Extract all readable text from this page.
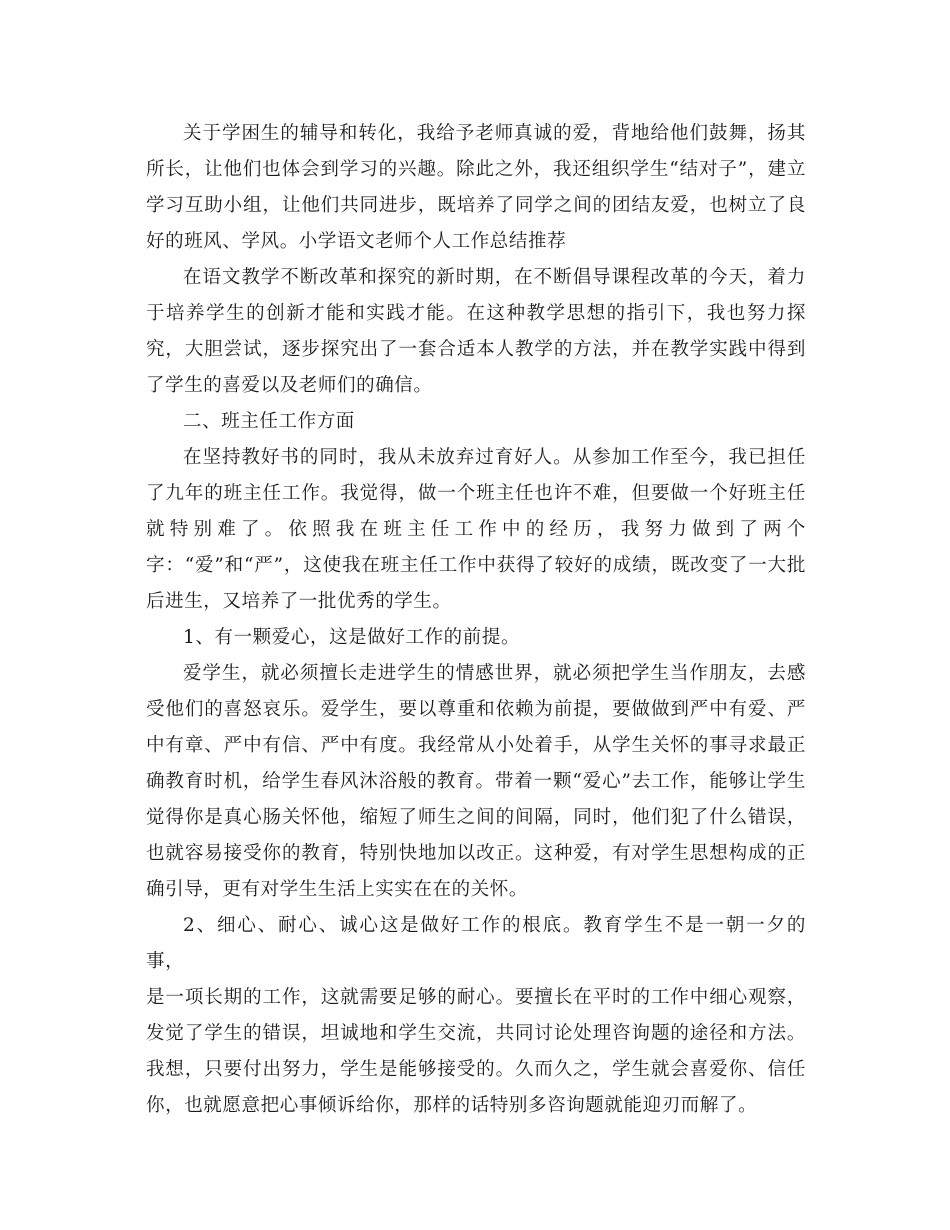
关于学困生的辅导和转化，我给予老师真诚的爱，背地给他们鼓舞，扬其所长，让他们也体会到学习的兴趣。除此之外，我还组织学生“结对子”，建立学习互助小组，让他们共同进步，既培养了同学之间的团结友爱，也树立了良好的班风、学风。小学语文老师个人工作总结推荐

在语文教学不断改革和探究的新时期，在不断倡导课程改革的今天，着力于培养学生的创新才能和实践才能。在这种教学思想的指引下，我也努力探究，大胆尝试，逐步探究出了一套合适本人教学的方法，并在教学实践中得到了学生的喜爱以及老师们的确信。

二、班主任工作方面

在坚持教好书的同时，我从未放弃过育好人。从参加工作至今，我已担任了九年的班主任工作。我觉得，做一个班主任也许不难，但要做一个好班主任就特别难了。依照我在班主任工作中的经历，我努力做到了两个字：“爱”和“严”，这使我在班主任工作中获得了较好的成绩，既改变了一大批后进生，又培养了一批优秀的学生。

1、有一颗爱心，这是做好工作的前提。

爱学生，就必须擅长走进学生的情感世界，就必须把学生当作朋友，去感受他们的喜怒哀乐。爱学生，要以尊重和依赖为前提，要做做到严中有爱、严中有章、严中有信、严中有度。我经常从小处着手，从学生关怀的事寻求最正确教育时机，给学生春风沐浴般的教育。带着一颗“爱心”去工作，能够让学生觉得你是真心肠关怀他，缩短了师生之间的间隔，同时，他们犯了什么错误，也就容易接受你的教育，特别快地加以改正。这种爱，有对学生思想构成的正确引导，更有对学生生活上实实在在的关怀。

2、细心、耐心、诚心这是做好工作的根底。教育学生不是一朝一夕的事，

是一项长期的工作，这就需要足够的耐心。要擅长在平时的工作中细心观察，发觉了学生的错误，坦诚地和学生交流，共同讨论处理咨询题的途径和方法。我想，只要付出努力，学生是能够接受的。久而久之，学生就会喜爱你、信任你，也就愿意把心事倾诉给你，那样的话特别多咨询题就能迎刃而解了。
